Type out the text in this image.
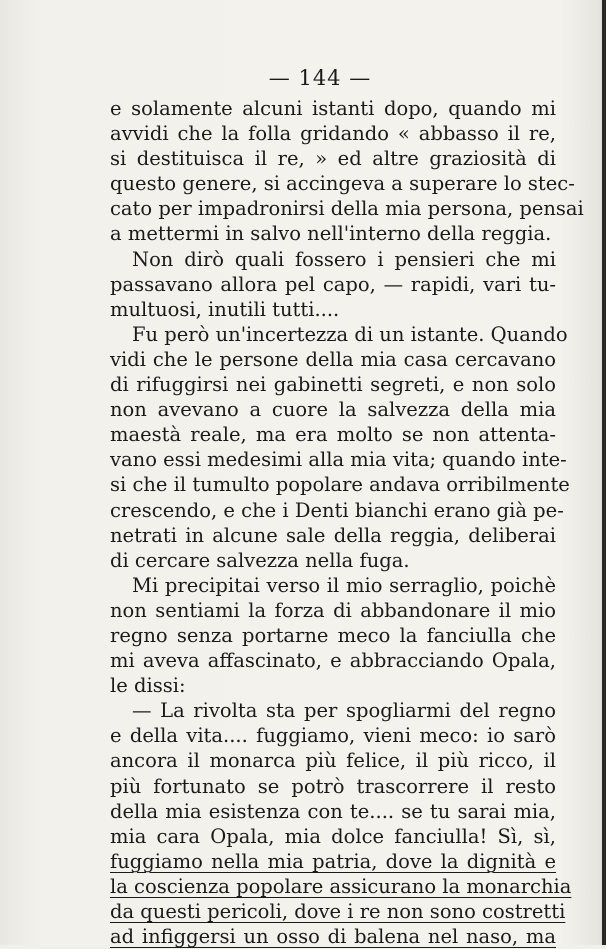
— 144 —
e solamente alcuni istanti dopo, quando mi
avvidi che la folla gridando « abbasso il re,
si destituisca il re, » ed altre graziosità di
questo genere, si accingeva a superare lo stec-
cato per impadronirsi della mia persona, pensai
a mettermi in salvo nell'interno della reggia.
Non dirò quali fossero i pensieri che mi
passavano allora pel capo, — rapidi, vari tu-
multuosi, inutili tutti....
Fu però un'incertezza di un istante. Quando
vidi che le persone della mia casa cercavano
di rifuggirsi nei gabinetti segreti, e non solo
non avevano a cuore la salvezza della mia
maestà reale, ma era molto se non attenta-
vano essi medesimi alla mia vita; quando inte-
si che il tumulto popolare andava orribilmente
crescendo, e che i Denti bianchi erano già pe-
netrati in alcune sale della reggia, deliberai
di cercare salvezza nella fuga.
Mi precipitai verso il mio serraglio, poichè
non sentiami la forza di abbandonare il mio
regno senza portarne meco la fanciulla che
mi aveva affascinato, e abbracciando Opala,
le dissi:
— La rivolta sta per spogliarmi del regno
e della vita.... fuggiamo, vieni meco: io sarò
ancora il monarca più felice, il più ricco, il
più fortunato se potrò trascorrere il resto
della mia esistenza con te.... se tu sarai mia,
mia cara Opala, mia dolce fanciulla! Sì, sì,
fuggiamo nella mia patria, dove la dignità e
la coscienza popolare assicurano la monarchia
da questi pericoli, dove i re non sono costretti
ad infiggersi un osso di balena nel naso, ma
